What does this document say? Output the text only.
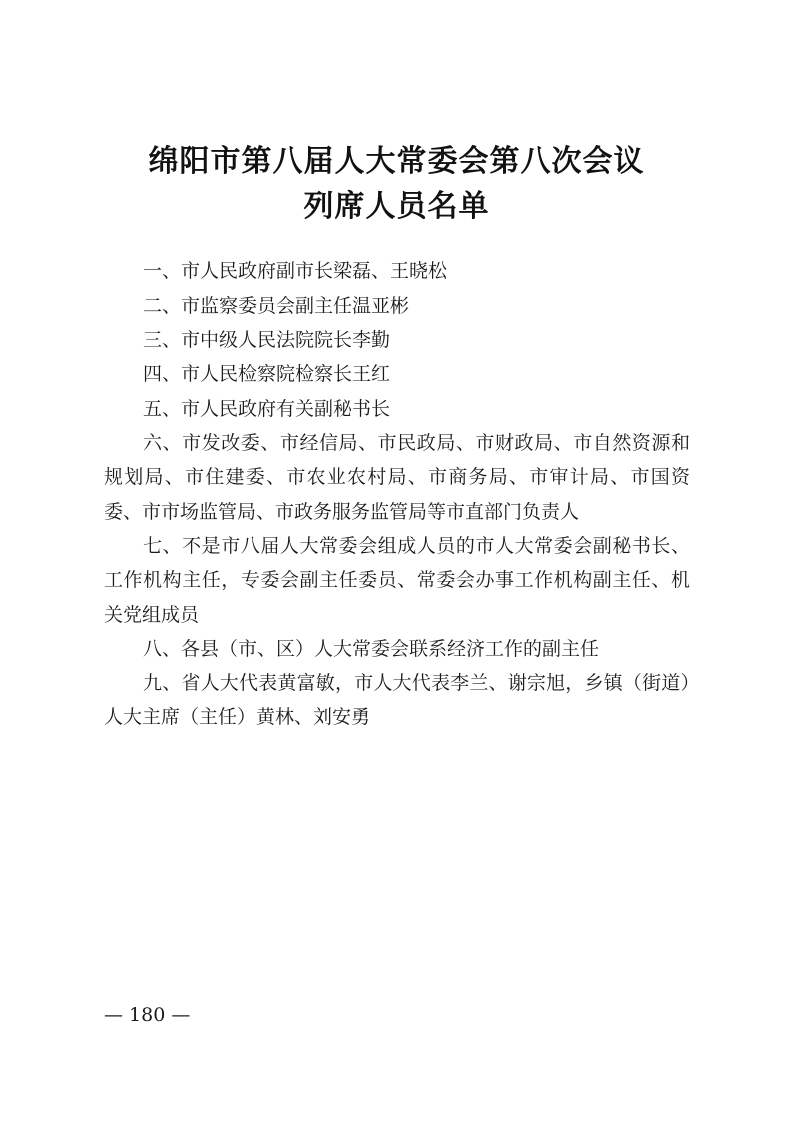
绵阳市第八届人大常委会第八次会议
列席人员名单
一、市人民政府副市长梁磊、王晓松
二、市监察委员会副主任温亚彬
三、市中级人民法院院长李勤
四、市人民检察院检察长王红
五、市人民政府有关副秘书长
六、市发改委、市经信局、市民政局、市财政局、市自然资源和规划局、市住建委、市农业农村局、市商务局、市审计局、市国资委、市市场监管局、市政务服务监管局等市直部门负责人
七、不是市八届人大常委会组成人员的市人大常委会副秘书长、工作机构主任，专委会副主任委员、常委会办事工作机构副主任、机关党组成员
八、各县（市、区）人大常委会联系经济工作的副主任
九、省人大代表黄富敏，市人大代表李兰、谢宗旭，乡镇（街道）人大主席（主任）黄林、刘安勇
— 180 —
